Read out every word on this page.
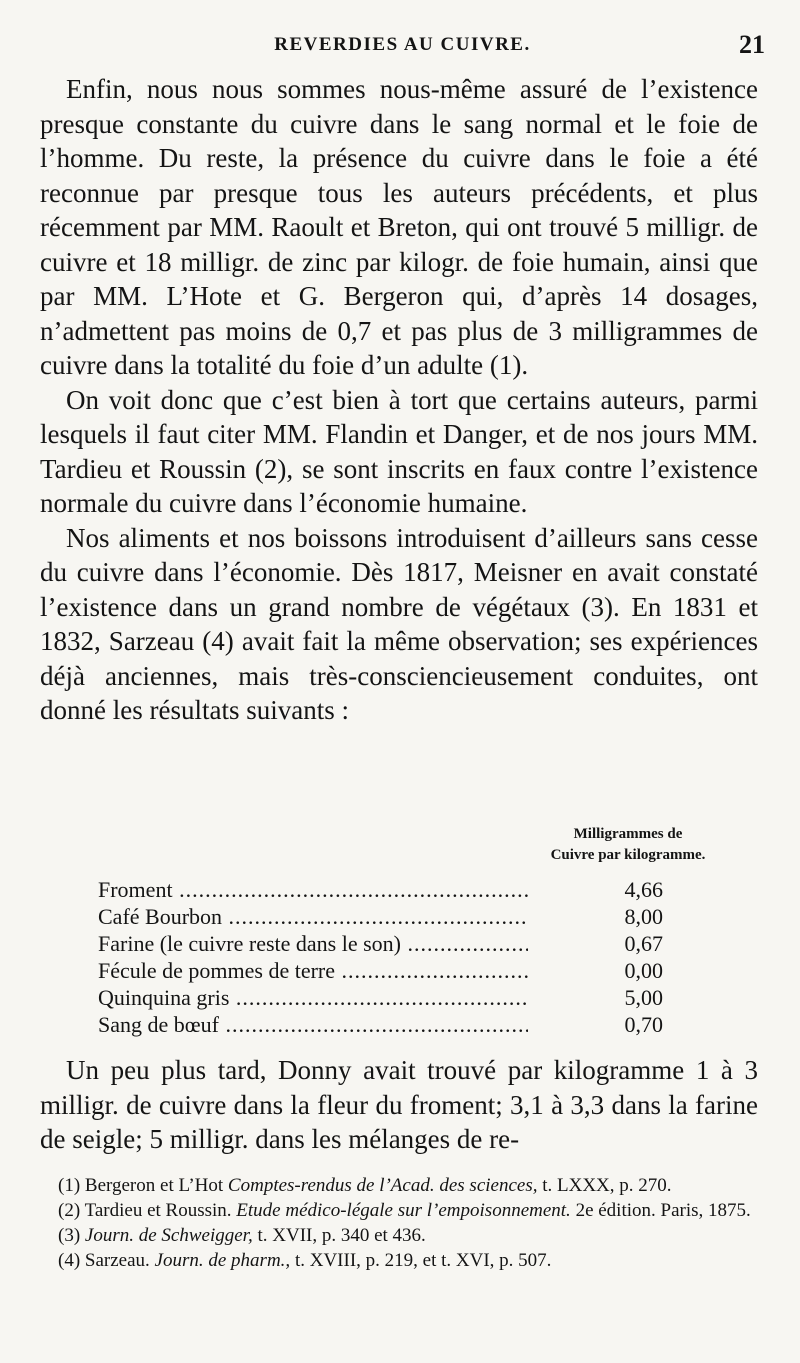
REVERDIES AU CUIVRE.	21

Enfin, nous nous sommes nous-même assuré de l’existence presque constante du cuivre dans le sang normal et le foie de l’homme. Du reste, la présence du cuivre dans le foie a été reconnue par presque tous les auteurs précédents, et plus récemment par MM. Raoult et Breton, qui ont trouvé 5 milligr. de cuivre et 18 milligr. de zinc par kilogr. de foie humain, ainsi que par MM. L’Hote et G. Bergeron qui, d’après 14 dosages, n’admettent pas moins de 0,7 et pas plus de 3 milligrammes de cuivre dans la totalité du foie d’un adulte (1).

On voit donc que c’est bien à tort que certains auteurs, parmi lesquels il faut citer MM. Flandin et Danger, et de nos jours MM. Tardieu et Roussin (2), se sont inscrits en faux contre l’existence normale du cuivre dans l’économie humaine.

Nos aliments et nos boissons introduisent d’ailleurs sans cesse du cuivre dans l’économie. Dès 1817, Meisner en avait constaté l’existence dans un grand nombre de végétaux (3). En 1831 et 1832, Sarzeau (4) avait fait la même observation; ses expériences déjà anciennes, mais très-consciencieusement conduites, ont donné les résultats suivants :

Milligrammes de
Cuivre par kilogramme.
Froment .....	4,66
Café Bourbon .....	8,00
Farine (le cuivre reste dans le son) .....	0,67
Fécule de pommes de terre .....	0,00
Quinquina gris .....	5,00
Sang de bœuf .....	0,70

Un peu plus tard, Donny avait trouvé par kilogramme 1 à 3 milligr. de cuivre dans la fleur du froment; 3,1 à 3,3 dans la farine de seigle; 5 milligr. dans les mélanges de re-

(1) Bergeron et L’Hot Comptes-rendus de l’Acad. des sciences, t. LXXX, p. 270.

(2) Tardieu et Roussin. Etude médico-légale sur l’empoisonnement. 2e édition. Paris, 1875.

(3) Journ. de Schweigger, t. XVII, p. 340 et 436.

(4) Sarzeau. Journ. de pharm., t. XVIII, p. 219, et t. XVI, p. 507.
